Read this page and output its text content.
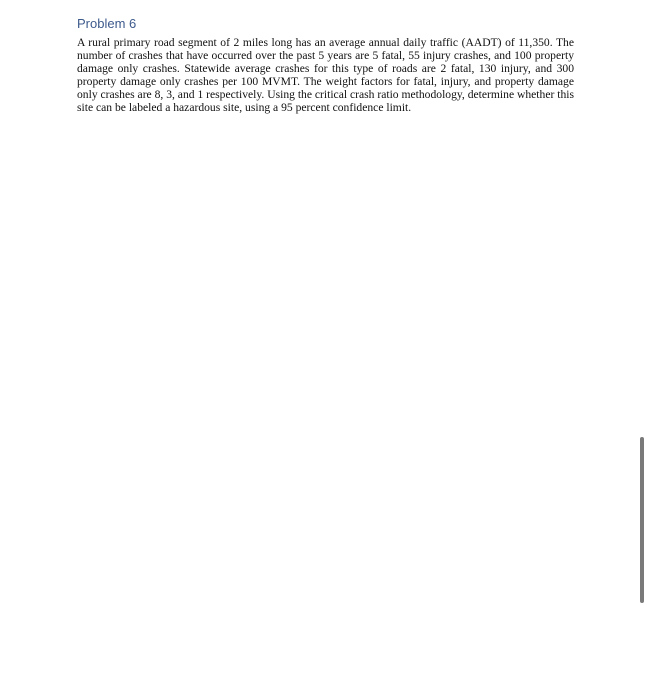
Problem 6

A rural primary road segment of 2 miles long has an average annual daily traffic (AADT) of 11,350. The number of crashes that have occurred over the past 5 years are 5 fatal, 55 injury crashes, and 100 property damage only crashes. Statewide average crashes for this type of roads are 2 fatal, 130 injury, and 300 property damage only crashes per 100 MVMT. The weight factors for fatal, injury, and property damage only crashes are 8, 3, and 1 respectively. Using the critical crash ratio methodology, determine whether this site can be labeled a hazardous site, using a 95 percent confidence limit.
